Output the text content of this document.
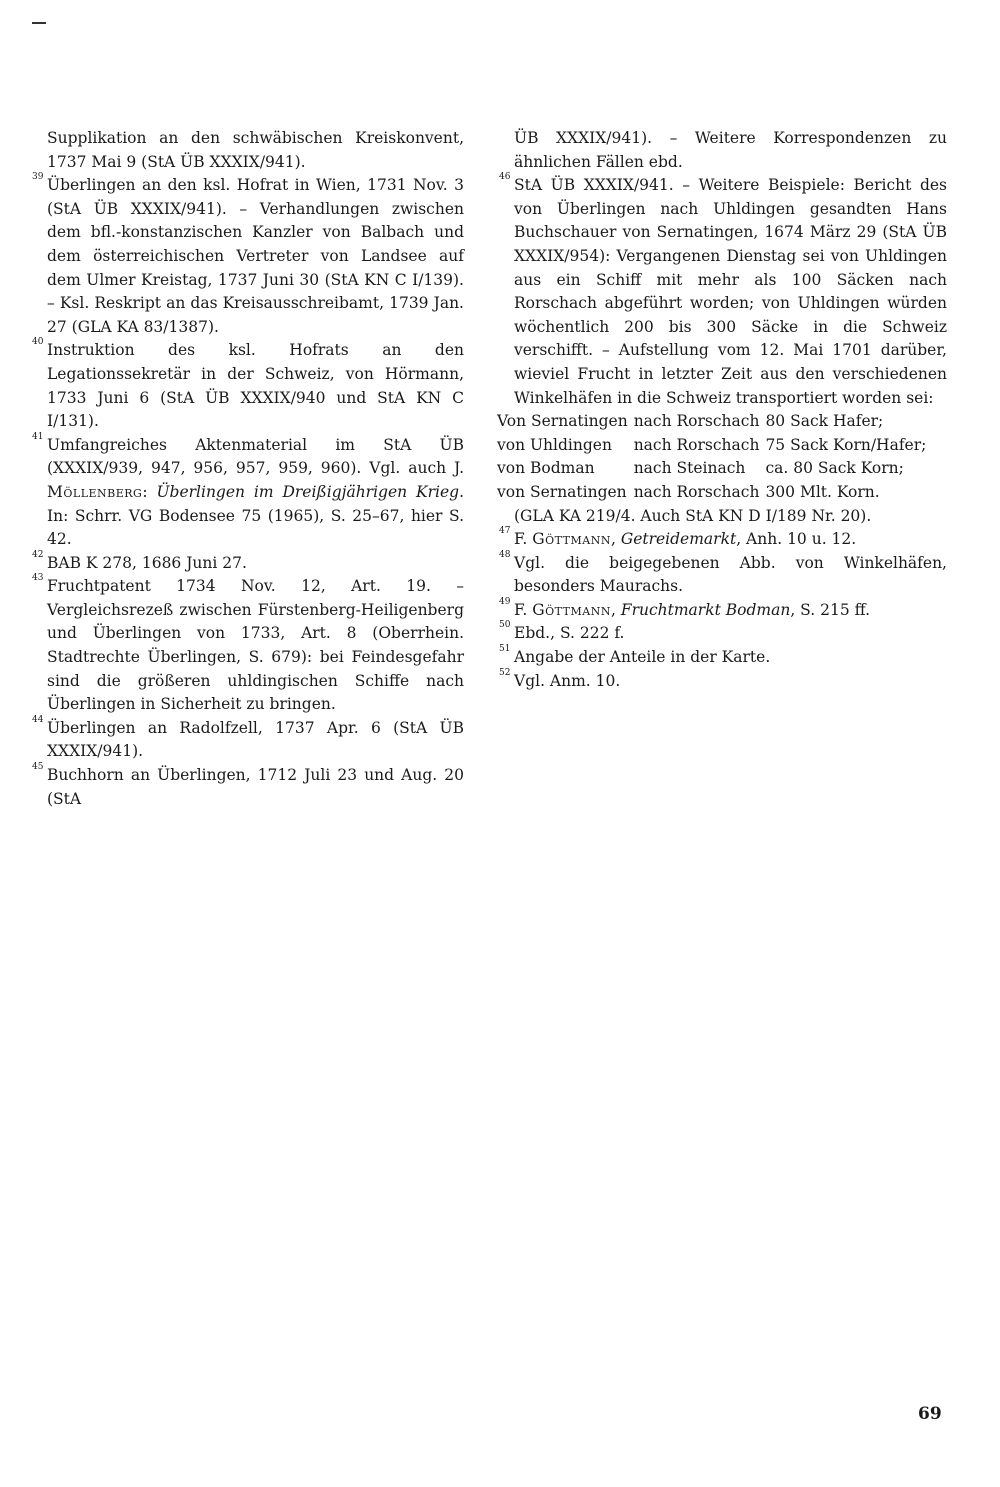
Supplikation an den schwäbischen Kreiskonvent, 1737 Mai 9 (StA ÜB XXXIX/941).
39 Überlingen an den ksl. Hofrat in Wien, 1731 Nov. 3 (StA ÜB XXXIX/941). – Verhandlungen zwischen dem bfl.-konstanzischen Kanzler von Balbach und dem österreichischen Vertreter von Landsee auf dem Ulmer Kreistag, 1737 Juni 30 (StA KN C I/139). – Ksl. Reskript an das Kreisausschreibamt, 1739 Jan. 27 (GLA KA 83/1387).
40 Instruktion des ksl. Hofrats an den Legationssekretär in der Schweiz, von Hörmann, 1733 Juni 6 (StA ÜB XXXIX/940 und StA KN C I/131).
41 Umfangreiches Aktenmaterial im StA ÜB (XXXIX/939, 947, 956, 957, 959, 960). Vgl. auch J. Möllenberg: Überlingen im Dreißigjährigen Krieg. In: Schrr. VG Bodensee 75 (1965), S. 25–67, hier S. 42.
42 BAB K 278, 1686 Juni 27.
43 Fruchtpatent 1734 Nov. 12, Art. 19. – Vergleichsrezeß zwischen Fürstenberg-Heiligenberg und Überlingen von 1733, Art. 8 (Oberrhein. Stadtrechte Überlingen, S. 679): bei Feindesgefahr sind die größeren uhldingischen Schiffe nach Überlingen in Sicherheit zu bringen.
44 Überlingen an Radolfzell, 1737 Apr. 6 (StA ÜB XXXIX/941).
45 Buchhorn an Überlingen, 1712 Juli 23 und Aug. 20 (StA
ÜB XXXIX/941). – Weitere Korrespondenzen zu ähnlichen Fällen ebd.
46 StA ÜB XXXIX/941. – Weitere Beispiele: Bericht des von Überlingen nach Uhldingen gesandten Hans Buchschauer von Sernatingen, 1674 März 29 (StA ÜB XXXIX/954): Vergangenen Dienstag sei von Uhldingen aus ein Schiff mit mehr als 100 Säcken nach Rorschach abgeführt worden; von Uhldingen würden wöchentlich 200 bis 300 Säcke in die Schweiz verschifft. – Aufstellung vom 12. Mai 1701 darüber, wieviel Frucht in letzter Zeit aus den verschiedenen Winkelhäfen in die Schweiz transportiert worden sei:
Von Sernatingen	nach Rorschach	80 Sack Hafer;
von Uhldingen	nach Rorschach	75 Sack Korn/Hafer;
von Bodman	nach Steinach	ca. 80 Sack Korn;
von Sernatingen	nach Rorschach	300 Mlt. Korn.
(GLA KA 219/4. Auch StA KN D I/189 Nr. 20).
47 F. Göttmann, Getreidemarkt, Anh. 10 u. 12.
48 Vgl. die beigegebenen Abb. von Winkelhäfen, besonders Maurachs.
49 F. Göttmann, Fruchtmarkt Bodman, S. 215 ff.
50 Ebd., S. 222 f.
51 Angabe der Anteile in der Karte.
52 Vgl. Anm. 10.
69
